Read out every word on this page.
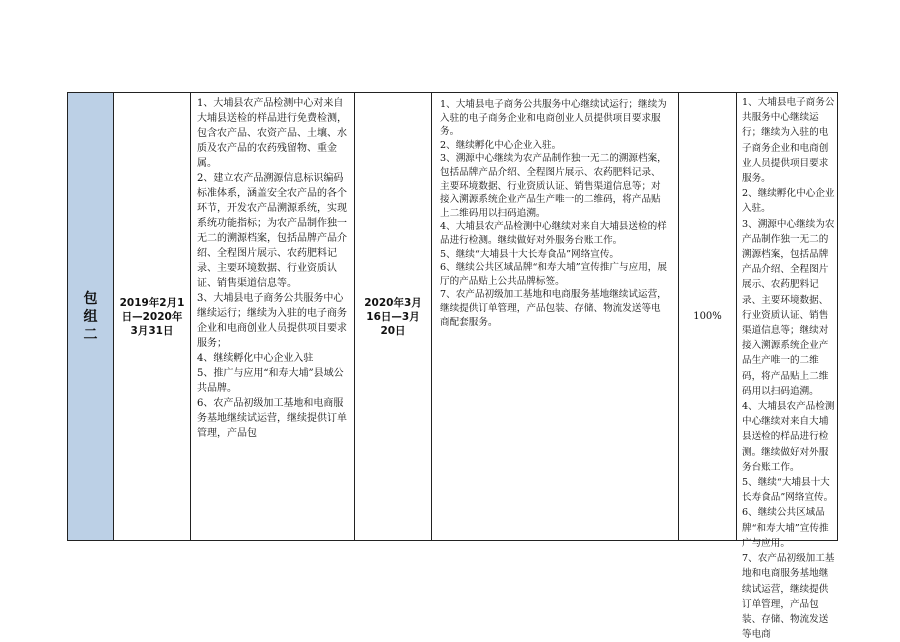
包组二
2019年2月1日—2020年3月31日
1、大埔县农产品检测中心对来自大埔县送检的样品进行免费检测，包含农产品、农资产品、土壤、水质及农产品的农药残留物、重金属。
2、建立农产品溯源信息标识编码标准体系，涵盖安全农产品的各个环节，开发农产品溯源系统，实现系统功能指标；为农产品制作独一无二的溯源档案，包括品牌产品介绍、全程图片展示、农药肥料记录、主要环境数据、行业资质认证、销售渠道信息等。
3、大埔县电子商务公共服务中心继续运行；继续为入驻的电子商务企业和电商创业人员提供项目要求服务；
4、继续孵化中心企业入驻
5、推广与应用“和寿大埔”县域公共品牌。
6、农产品初级加工基地和电商服务基地继续试运营，继续提供订单管理，产品包
2020年3月16日—3月20日
1、大埔县电子商务公共服务中心继续试运行；继续为入驻的电子商务企业和电商创业人员提供项目要求服务。
2、继续孵化中心企业入驻。
3、溯源中心继续为农产品制作独一无二的溯源档案，包括品牌产品介绍、全程图片展示、农药肥料记录、主要环境数据、行业资质认证、销售渠道信息等；对接入溯源系统企业产品生产唯一的二维码，将产品贴上二维码用以扫码追溯。
4、大埔县农产品检测中心继续对来自大埔县送检的样品进行检测。继续做好对外服务台账工作。
5、继续“大埔县十大长寿食品”网络宣传。
6、继续公共区域品牌“和寿大埔”宣传推广与应用，展厅的产品贴上公共品牌标签。
7、农产品初级加工基地和电商服务基地继续试运营，继续提供订单管理，产品包装、存储、物流发送等电商配套服务。	100%
1、大埔县电子商务公共服务中心继续运行；继续为入驻的电子商务企业和电商创业人员提供项目要求服务。
2、继续孵化中心企业入驻。
3、溯源中心继续为农产品制作独一无二的溯源档案，包括品牌产品介绍、全程图片展示、农药肥料记录、主要环境数据、行业资质认证、销售渠道信息等；继续对接入溯源系统企业产品生产唯一的二维码，将产品贴上二维码用以扫码追溯。
4、大埔县农产品检测中心继续对来自大埔县送检的样品进行检测。继续做好对外服务台账工作。
5、继续“大埔县十大长寿食品”网络宣传。
6、继续公共区域品牌“和寿大埔”宣传推广与应用。
7、农产品初级加工基地和电商服务基地继续试运营，继续提供订单管理，产品包装、存储、物流发送等电商
